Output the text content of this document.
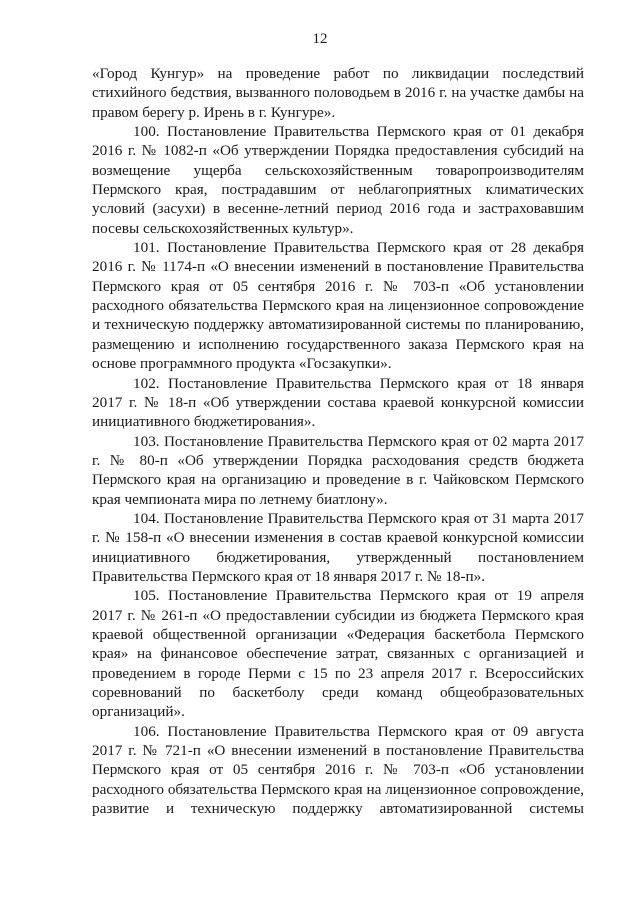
12

«Город Кунгур» на проведение работ по ликвидации последствий стихийного бедствия, вызванного половодьем в 2016 г. на участке дамбы на правом берегу р. Ирень в г. Кунгуре».

100. Постановление Правительства Пермского края от 01 декабря 2016 г. № 1082-п «Об утверждении Порядка предоставления субсидий на возмещение ущерба сельскохозяйственным товаропроизводителям Пермского края, пострадавшим от неблагоприятных климатических условий (засухи) в весенне-летний период 2016 года и застраховавшим посевы сельскохозяйственных культур».

101. Постановление Правительства Пермского края от 28 декабря 2016 г. № 1174-п «О внесении изменений в постановление Правительства Пермского края от 05 сентября 2016 г. № 703-п «Об установлении расходного обязательства Пермского края на лицензионное сопровождение и техническую поддержку автоматизированной системы по планированию, размещению и исполнению государственного заказа Пермского края на основе программного продукта «Госзакупки».

102. Постановление Правительства Пермского края от 18 января 2017 г. № 18-п «Об утверждении состава краевой конкурсной комиссии инициативного бюджетирования».

103. Постановление Правительства Пермского края от 02 марта 2017 г. № 80-п «Об утверждении Порядка расходования средств бюджета Пермского края на организацию и проведение в г. Чайковском Пермского края чемпионата мира по летнему биатлону».

104. Постановление Правительства Пермского края от 31 марта 2017 г. № 158-п «О внесении изменения в состав краевой конкурсной комиссии инициативного бюджетирования, утвержденный постановлением Правительства Пермского края от 18 января 2017 г. № 18-п».

105. Постановление Правительства Пермского края от 19 апреля 2017 г. № 261-п «О предоставлении субсидии из бюджета Пермского края краевой общественной организации «Федерация баскетбола Пермского края» на финансовое обеспечение затрат, связанных с организацией и проведением в городе Перми с 15 по 23 апреля 2017 г. Всероссийских соревнований по баскетболу среди команд общеобразовательных организаций».

106. Постановление Правительства Пермского края от 09 августа 2017 г. № 721-п «О внесении изменений в постановление Правительства Пермского края от 05 сентября 2016 г. № 703-п «Об установлении расходного обязательства Пермского края на лицензионное сопровождение, развитие и техническую поддержку автоматизированной системы
